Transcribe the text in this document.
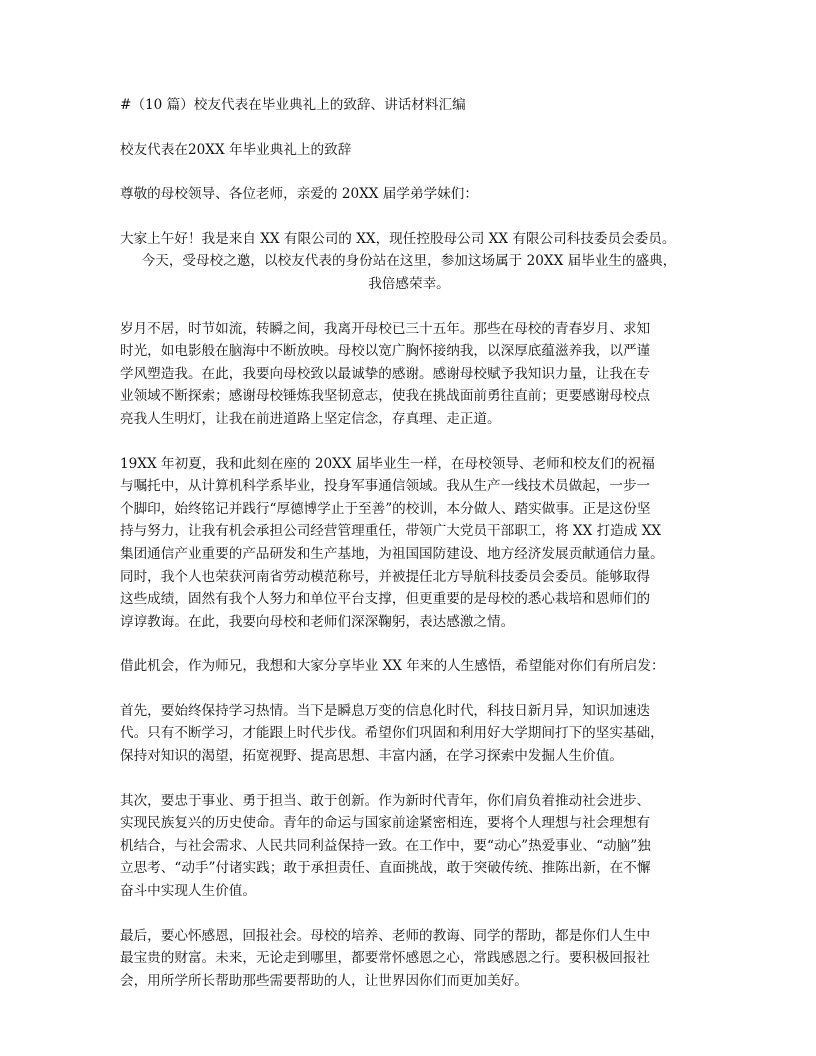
#（10 篇）校友代表在毕业典礼上的致辞、讲话材料汇编

校友代表在20XX 年毕业典礼上的致辞

尊敬的母校领导、各位老师，亲爱的 20XX 届学弟学妹们：

大家上午好！我是来自 XX 有限公司的 XX，现任控股母公司 XX 有限公司科技委员会委员。
今天，受母校之邀，以校友代表的身份站在这里，参加这场属于 20XX 届毕业生的盛典，
我倍感荣幸。

岁月不居，时节如流，转瞬之间，我离开母校已三十五年。那些在母校的青春岁月、求知
时光，如电影般在脑海中不断放映。母校以宽广胸怀接纳我，以深厚底蕴滋养我，以严谨
学风塑造我。在此，我要向母校致以最诚挚的感谢。感谢母校赋予我知识力量，让我在专
业领域不断探索；感谢母校锤炼我坚韧意志，使我在挑战面前勇往直前；更要感谢母校点
亮我人生明灯，让我在前进道路上坚定信念，存真理、走正道。

19XX 年初夏，我和此刻在座的 20XX 届毕业生一样，在母校领导、老师和校友们的祝福
与嘱托中，从计算机科学系毕业，投身军事通信领域。我从生产一线技术员做起，一步一
个脚印，始终铭记并践行“厚德博学止于至善”的校训，本分做人、踏实做事。正是这份坚
持与努力，让我有机会承担公司经营管理重任，带领广大党员干部职工，将 XX 打造成 XX
集团通信产业重要的产品研发和生产基地，为祖国国防建设、地方经济发展贡献通信力量。
同时，我个人也荣获河南省劳动模范称号，并被提任北方导航科技委员会委员。能够取得
这些成绩，固然有我个人努力和单位平台支撑，但更重要的是母校的悉心栽培和恩师们的
谆谆教诲。在此，我要向母校和老师们深深鞠躬，表达感激之情。

借此机会，作为师兄，我想和大家分享毕业 XX 年来的人生感悟，希望能对你们有所启发：

首先，要始终保持学习热情。当下是瞬息万变的信息化时代，科技日新月异，知识加速迭
代。只有不断学习，才能跟上时代步伐。希望你们巩固和利用好大学期间打下的坚实基础，
保持对知识的渴望，拓宽视野、提高思想、丰富内涵，在学习探索中发掘人生价值。

其次，要忠于事业、勇于担当、敢于创新。作为新时代青年，你们肩负着推动社会进步、
实现民族复兴的历史使命。青年的命运与国家前途紧密相连，要将个人理想与社会理想有
机结合，与社会需求、人民共同利益保持一致。在工作中，要“动心”热爱事业、“动脑”独
立思考、“动手”付诸实践；敢于承担责任、直面挑战，敢于突破传统、推陈出新，在不懈
奋斗中实现人生价值。

最后，要心怀感恩，回报社会。母校的培养、老师的教诲、同学的帮助，都是你们人生中
最宝贵的财富。未来，无论走到哪里，都要常怀感恩之心，常践感恩之行。要积极回报社
会，用所学所长帮助那些需要帮助的人，让世界因你们而更加美好。
